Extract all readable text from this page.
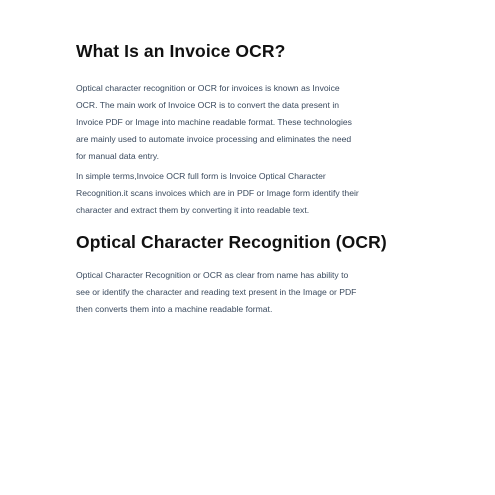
What Is an Invoice OCR?

Optical character recognition or OCR for invoices is known as Invoice
OCR. The main work of Invoice OCR is to convert the data present in
Invoice PDF or Image into machine readable format. These technologies
are mainly used to automate invoice processing and eliminates the need
for manual data entry.

In simple terms,Invoice OCR full form is Invoice Optical Character
Recognition.it scans invoices which are in PDF or Image form identify their
character and extract them by converting it into readable text.

Optical Character Recognition (OCR)

Optical Character Recognition or OCR as clear from name has ability to
see or identify the character and reading text present in the Image or PDF
then converts them into a machine readable format.
